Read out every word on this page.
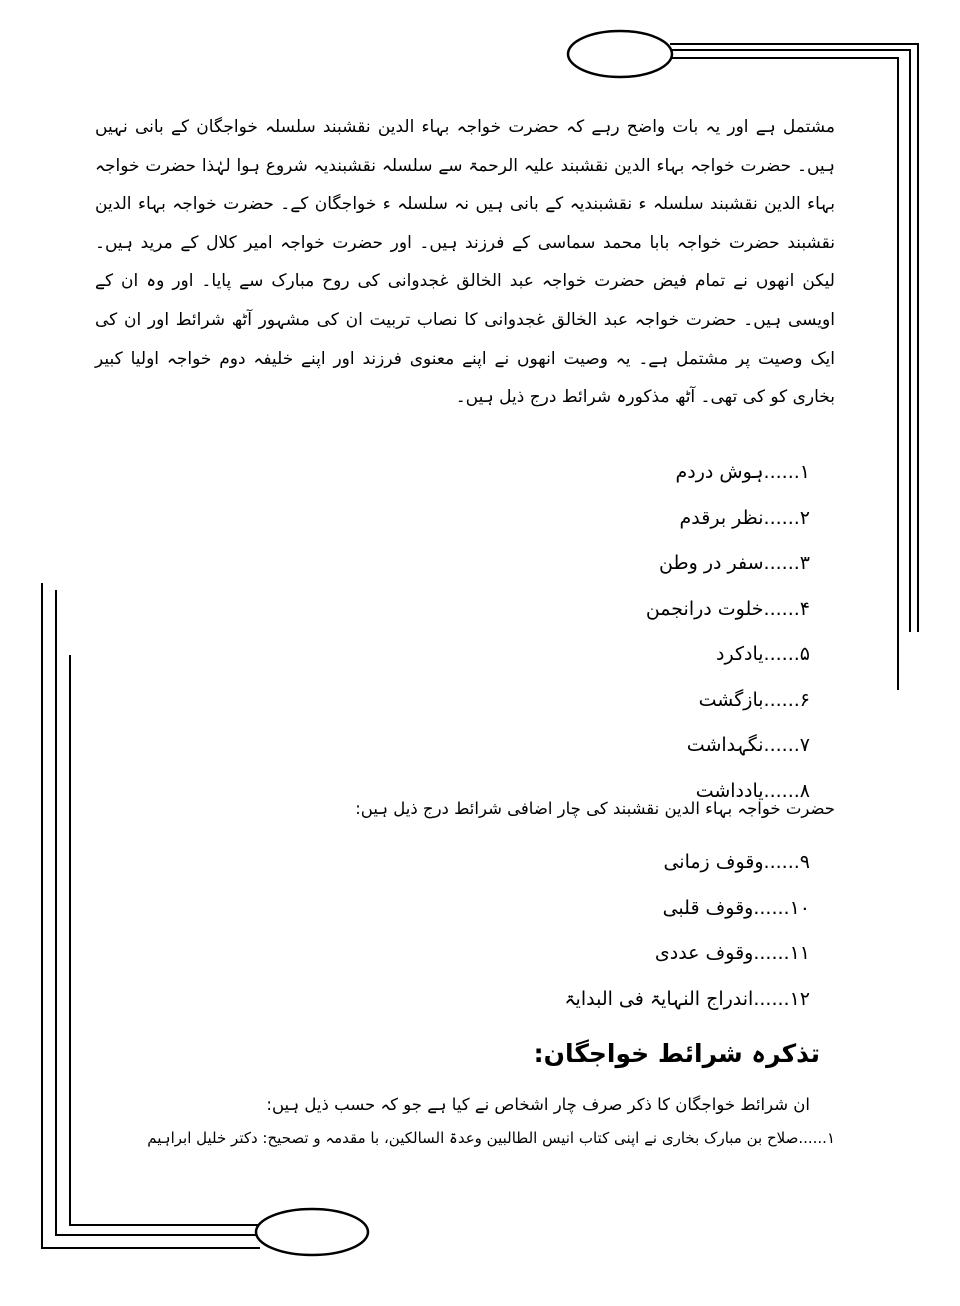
مشتمل ہے اور یہ بات واضح رہے کہ حضرت خواجہ بہاء الدین نقشبند سلسلہ خواجگان کے بانی نہیں ہیں۔ حضرت خواجہ بہاء الدین نقشبند علیہ الرحمۃ سے سلسلہ نقشبندیہ شروع ہوا لہٰذا حضرت خواجہ بہاء الدین نقشبند سلسلہ ء نقشبندیہ کے بانی ہیں نہ سلسلہ ء خواجگان کے۔ حضرت خواجہ بہاء الدین نقشبند حضرت خواجہ بابا محمد سماسی کے فرزند ہیں۔ اور حضرت خواجہ امیر کلال کے مرید ہیں۔ لیکن انھوں نے تمام فیض حضرت خواجہ عبد الخالق غجدوانی کی روح مبارک سے پایا۔ اور وہ ان کے اویسی ہیں۔ حضرت خواجہ عبد الخالق غجدوانی کا نصاب تربیت ان کی مشہور آٹھ شرائط اور ان کی ایک وصیت پر مشتمل ہے۔ یہ وصیت انھوں نے اپنے معنوی فرزند اور اپنے خلیفہ دوم خواجہ اولیا کبیر بخاری کو کی تھی۔ آٹھ مذکورہ شرائط درج ذیل ہیں۔

۱......ہوش دردم
۲......نظر برقدم
۳......سفر در وطن
۴......خلوت درانجمن
۵......یادکرد
۶......بازگشت
۷......نگہداشت
۸......یادداشت

حضرت خواجہ بہاء الدین نقشبند کی چار اضافی شرائط درج ذیل ہیں:

۹......وقوف زمانی
۱۰......وقوف قلبی
۱۱......وقوف عددی
۱۲......اندراج النہایۃ فی البدایۃ
تذکرہ شرائط خواجگان:

ان شرائط خواجگان کا ذکر صرف چار اشخاص نے کیا ہے جو کہ حسب ذیل ہیں:

۱......صلاح بن مبارک بخاری نے اپنی کتاب انیس الطالبین وعدۃ السالکین، با مقدمہ و تصحیح: دکتر خلیل ابراہیم
